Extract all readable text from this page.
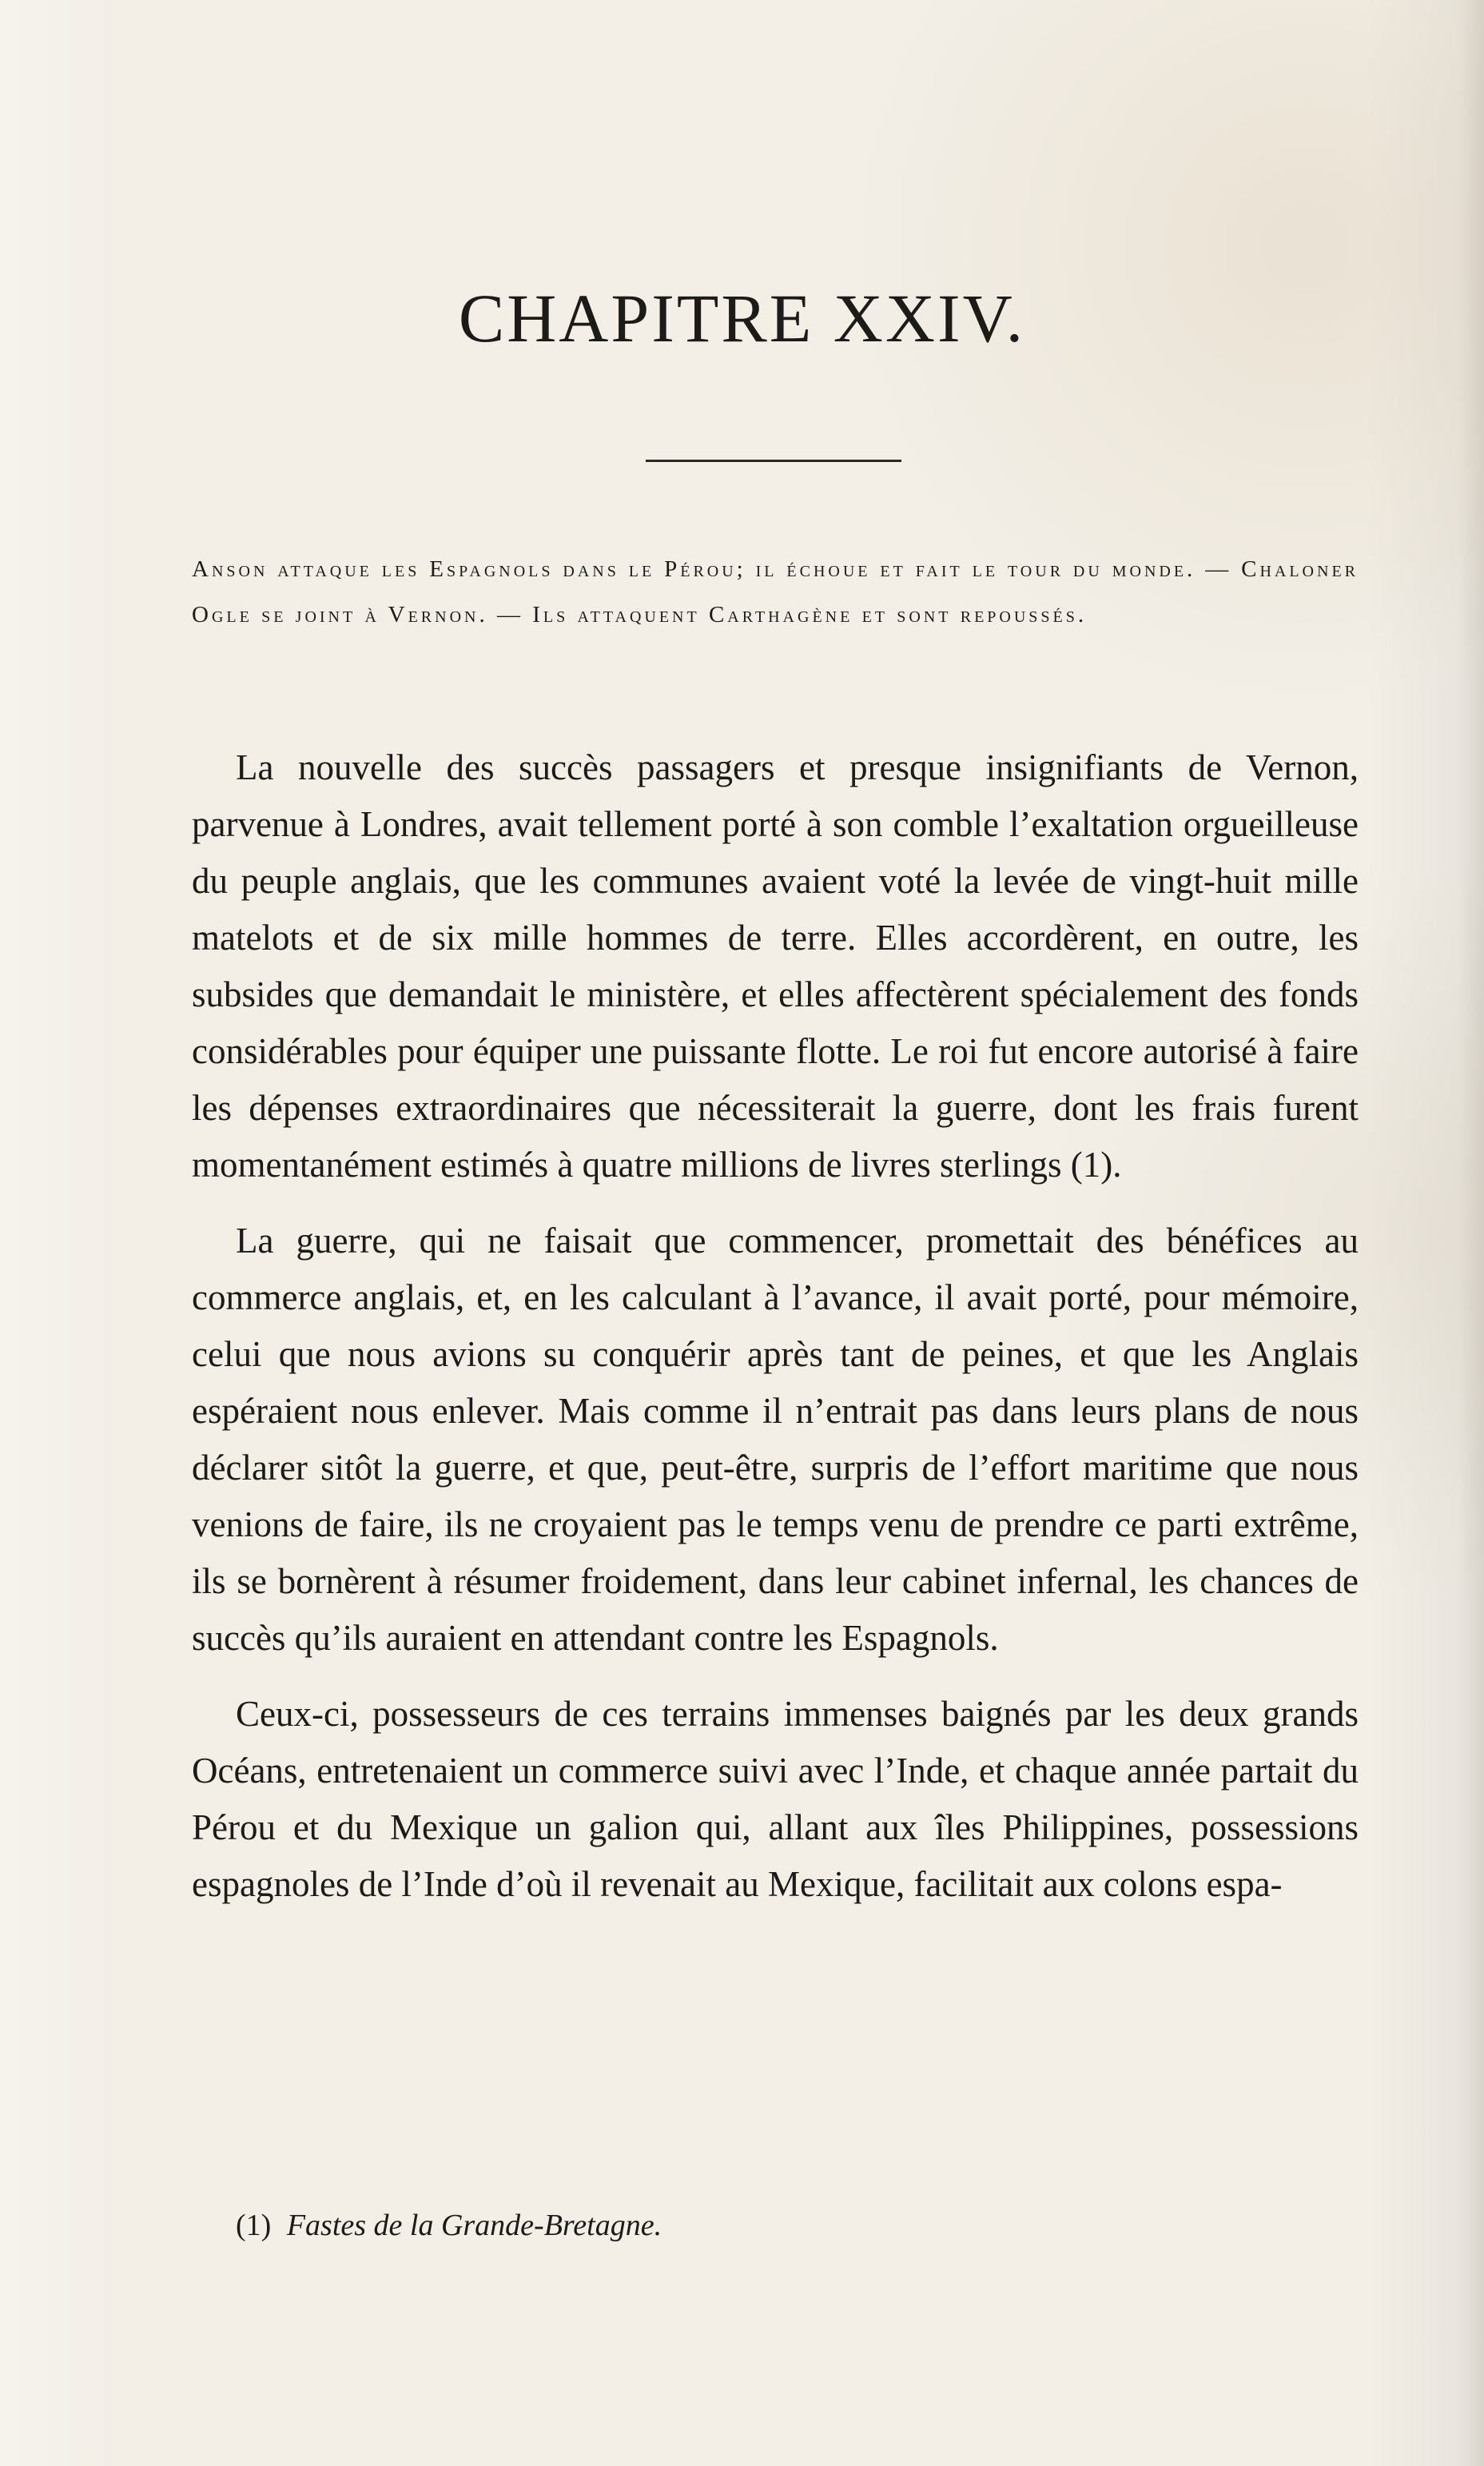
CHAPITRE XXIV.
Anson attaque les Espagnols dans le Pérou; il échoue et fait le tour du monde. — Chaloner Ogle se joint à Vernon. — Ils attaquent Carthagène et sont repoussés.

La nouvelle des succès passagers et presque insignifiants de Vernon, parvenue à Londres, avait tellement porté à son comble l’exaltation orgueilleuse du peuple anglais, que les communes avaient voté la levée de vingt-huit mille matelots et de six mille hommes de terre. Elles accordèrent, en outre, les subsides que demandait le ministère, et elles affectèrent spécialement des fonds considérables pour équiper une puissante flotte. Le roi fut encore autorisé à faire les dépenses extraordinaires que nécessiterait la guerre, dont les frais furent momentanément estimés à quatre millions de livres sterlings (1).

La guerre, qui ne faisait que commencer, promettait des bénéfices au commerce anglais, et, en les calculant à l’avance, il avait porté, pour mémoire, celui que nous avions su conquérir après tant de peines, et que les Anglais espéraient nous enlever. Mais comme il n’entrait pas dans leurs plans de nous déclarer sitôt la guerre, et que, peut-être, surpris de l’effort maritime que nous venions de faire, ils ne croyaient pas le temps venu de prendre ce parti extrême, ils se bornèrent à résumer froidement, dans leur cabinet infernal, les chances de succès qu’ils auraient en attendant contre les Espagnols.

Ceux-ci, possesseurs de ces terrains immenses baignés par les deux grands Océans, entretenaient un commerce suivi avec l’Inde, et chaque année partait du Pérou et du Mexique un galion qui, allant aux îles Philippines, possessions espagnoles de l’Inde d’où il revenait au Mexique, facilitait aux colons espa-

(1) Fastes de la Grande-Bretagne.
